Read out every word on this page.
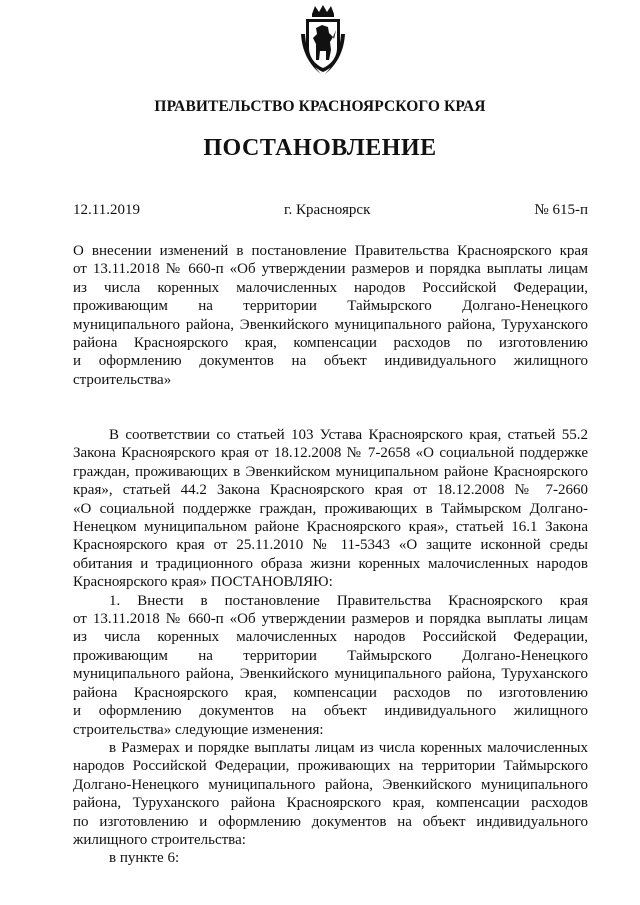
ПРАВИТЕЛЬСТВО КРАСНОЯРСКОГО КРАЯ
ПОСТАНОВЛЕНИЕ
12.11.2019	г. Красноярск	№ 615-п

О внесении изменений в постановление Правительства Красноярского края

от 13.11.2018 № 660-п «Об утверждении размеров и порядка выплаты лицам

из числа коренных малочисленных народов Российской Федерации,

проживающим на территории Таймырского Долгано-Ненецкого

муниципального района, Эвенкийского муниципального района, Туруханского

района Красноярского края, компенсации расходов по изготовлению

и оформлению документов на объект индивидуального жилищного

строительства»

В соответствии со статьей 103 Устава Красноярского края, статьей 55.2

Закона Красноярского края от 18.12.2008 № 7-2658 «О социальной поддержке

граждан, проживающих в Эвенкийском муниципальном районе Красноярского

края», статьей 44.2 Закона Красноярского края от 18.12.2008 № 7-2660

«О социальной поддержке граждан, проживающих в Таймырском Долгано-

Ненецком муниципальном районе Красноярского края», статьей 16.1 Закона

Красноярского края от 25.11.2010 № 11-5343 «О защите исконной среды

обитания и традиционного образа жизни коренных малочисленных народов

Красноярского края» ПОСТАНОВЛЯЮ:

1. Внести в постановление Правительства Красноярского края

от 13.11.2018 № 660-п «Об утверждении размеров и порядка выплаты лицам

из числа коренных малочисленных народов Российской Федерации,

проживающим на территории Таймырского Долгано-Ненецкого

муниципального района, Эвенкийского муниципального района, Туруханского

района Красноярского края, компенсации расходов по изготовлению

и оформлению документов на объект индивидуального жилищного

строительства» следующие изменения:

в Размерах и порядке выплаты лицам из числа коренных малочисленных

народов Российской Федерации, проживающих на территории Таймырского

Долгано-Ненецкого муниципального района, Эвенкийского муниципального

района, Туруханского района Красноярского края, компенсации расходов

по изготовлению и оформлению документов на объект индивидуального

жилищного строительства:

в пункте 6:
